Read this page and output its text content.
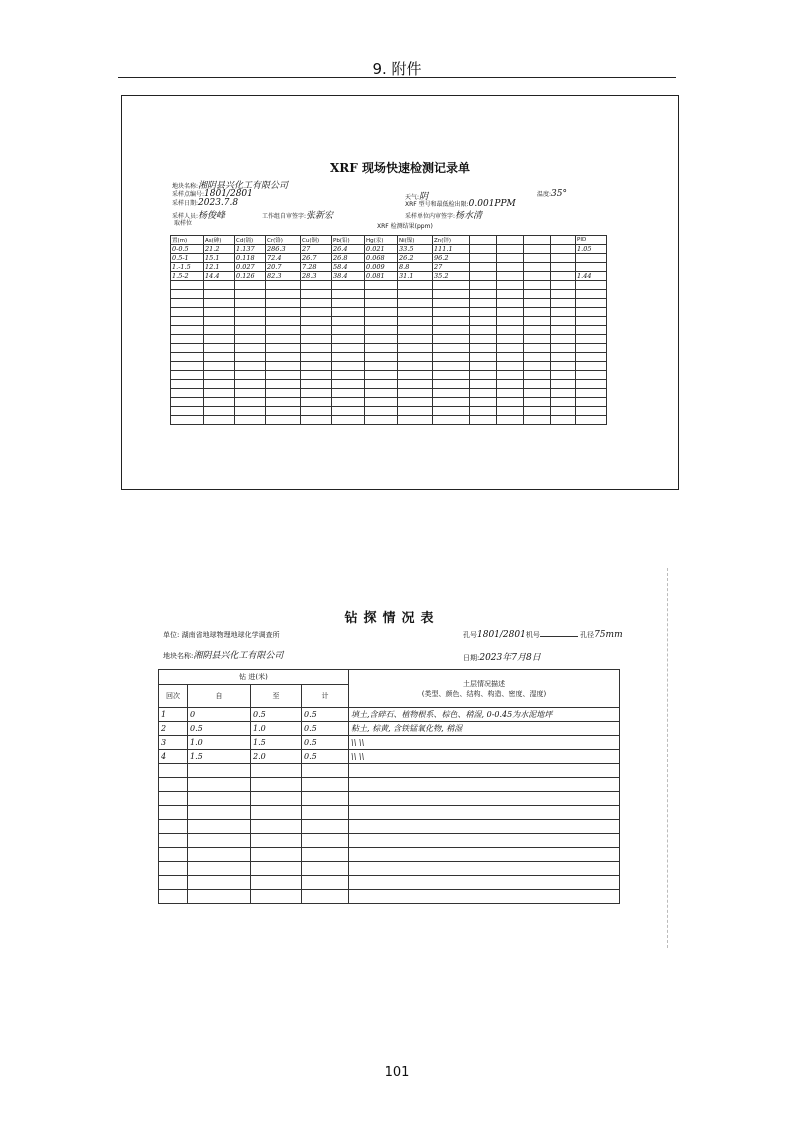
9. 附件
XRF 现场快速检测记录单
地块名称:湘阴县兴化工有限公司
采样点编号:1801/2801	天气:阴	温度:35°
采样日期:2023.7.8	XRF 型号和最低检出限:0.001PPM
采样人员:杨俊峰	工作组自审签字:张新宏	采样单位内审签字:杨水清
取样位	XRF 检测结果(ppm)
置(m)	As(砷)	Cd(镉)	Cr(铬)	Cu(铜)	Pb(铅)	Hg(汞)	Ni(镍)	Zn(锌)					PID
0-0.5	21.2	1.137	286.3	27	26.4	0.021	33.5	111.1					1.05
0.5-1	15.1	0.118	72.4	26.7	26.8	0.068	26.2	96.2					
1.-1.5	12.1	0.027	20.7	7.28	58.4	0.009	8.8	27					
1.5-2	14.4	0.126	82.3	28.3	38.4	0.081	31.1	35.2					1.44

钻探情况表
单位: 湖南省地球物理地球化学调查所	孔号1801/2801机号	孔径75mm
地块名称:湘阴县兴化工有限公司	日期:2023年7月8日
钻 进(米)				土层情况描述
(类型、颜色、结构、构造、密度、湿度)

回次	自	至	计	
1	0	0.5	0.5	填土,含碎石、植物根系、棕色、稍湿, 0-0.45为水泥地坪
2	0.5	1.0	0.5	粘土, 棕黄, 含铁锰氧化物, 稍湿
3	1.0	1.5	0.5	\\ \\
4	1.5	2.0	0.5	\\ \\

101
